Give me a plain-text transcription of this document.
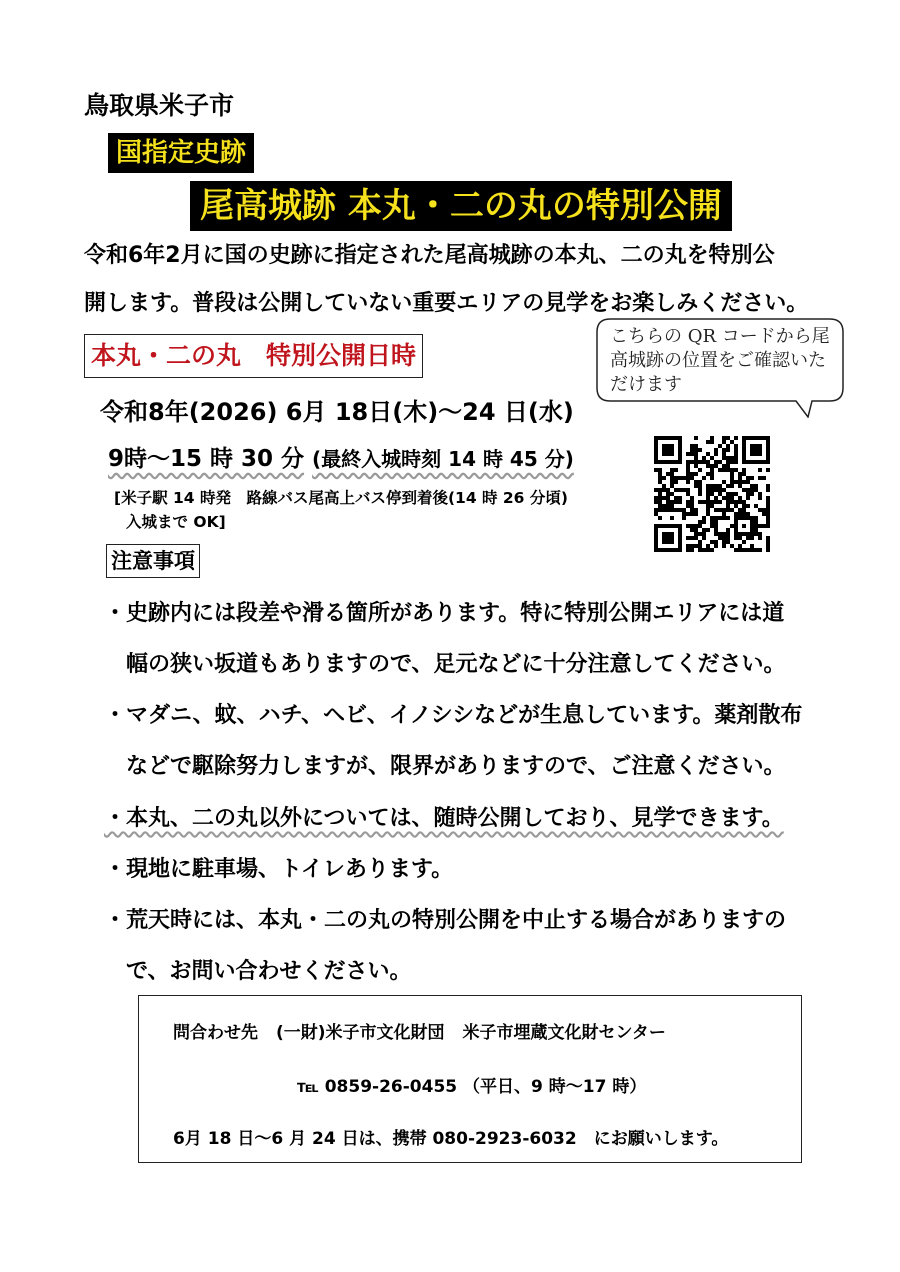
鳥取県米子市
国指定史跡
尾高城跡 本丸・二の丸の特別公開
令和6年2月に国の史跡に指定された尾高城跡の本丸、二の丸を特別公
開します。普段は公開していない重要エリアの見学をお楽しみください。
本丸・二の丸　特別公開日時
こちらの QR コードから尾高城跡の位置をご確認いただけます
令和8年(2026) 6月 18日(木)～24 日(水)
9時～15 時 30 分 (最終入城時刻 14 時 45 分)
[米子駅 14 時発　路線バス尾高上バス停到着後(14 時 26 分頃)
入城まで OK]
注意事項
・史跡内には段差や滑る箇所があります。特に特別公開エリアには道
　幅の狭い坂道もありますので、足元などに十分注意してください。
・マダニ、蚊、ハチ、ヘビ、イノシシなどが生息しています。薬剤散布
　などで駆除努力しますが、限界がありますので、ご注意ください。
・本丸、二の丸以外については、随時公開しており、見学できます。
・現地に駐車場、トイレあります。
・荒天時には、本丸・二の丸の特別公開を中止する場合がありますの
　で、お問い合わせください。
問合わせ先 (一財)米子市文化財団 米子市埋蔵文化財センター
℡ 0859-26-0455 （平日、9 時～17 時）
6月 18 日～6 月 24 日は、携帯 080-2923-6032　にお願いします。
